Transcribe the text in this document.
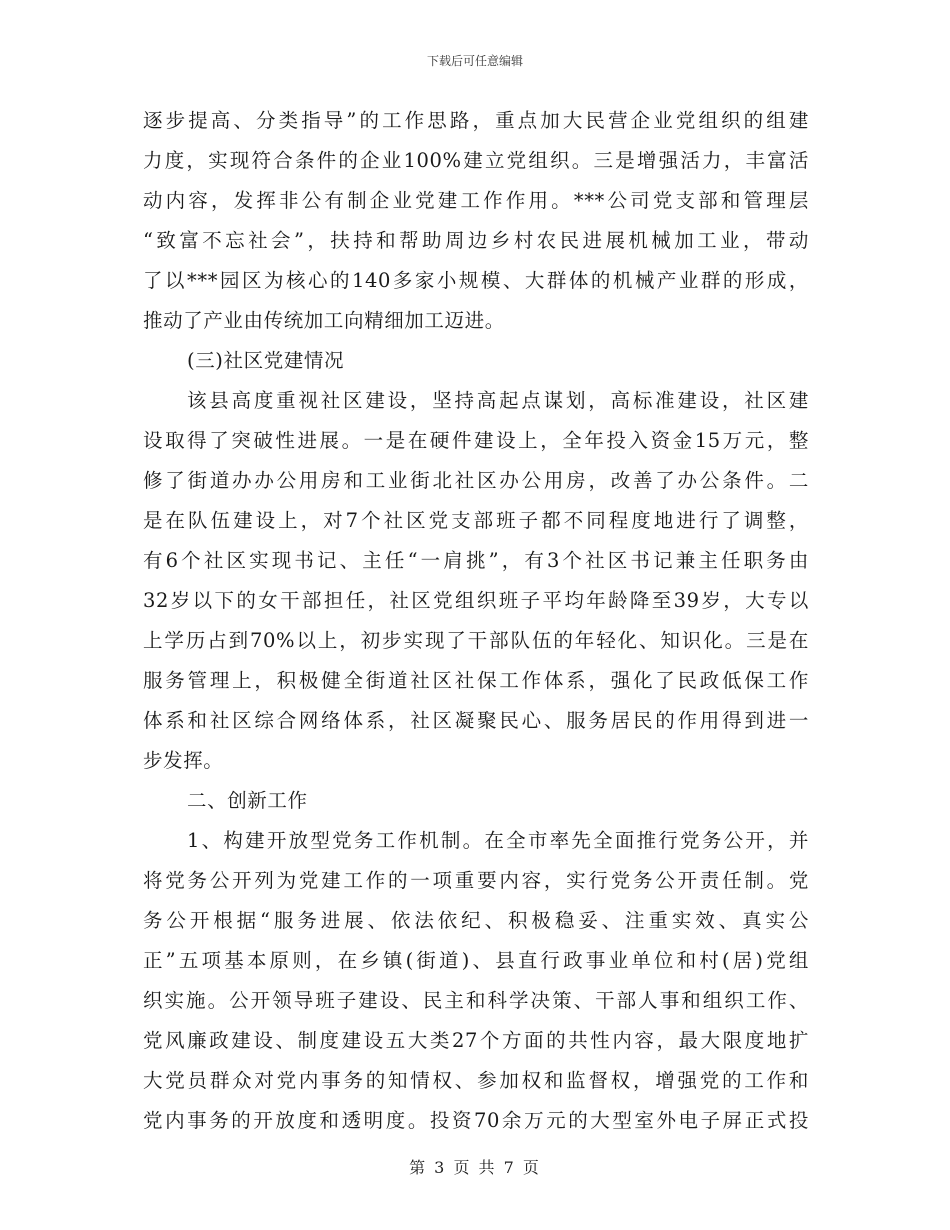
下载后可任意编辑
逐步提高、分类指导”的工作思路，重点加大民营企业党组织的组建
力度，实现符合条件的企业100%建立党组织。三是增强活力，丰富活
动内容，发挥非公有制企业党建工作作用。***公司党支部和管理层
“致富不忘社会”，扶持和帮助周边乡村农民进展机械加工业，带动
了以***园区为核心的140多家小规模、大群体的机械产业群的形成，
推动了产业由传统加工向精细加工迈进。
(三)社区党建情况
该县高度重视社区建设，坚持高起点谋划，高标准建设，社区建
设取得了突破性进展。一是在硬件建设上，全年投入资金15万元，整
修了街道办办公用房和工业街北社区办公用房，改善了办公条件。二
是在队伍建设上，对7个社区党支部班子都不同程度地进行了调整，
有6个社区实现书记、主任“一肩挑”，有3个社区书记兼主任职务由
32岁以下的女干部担任，社区党组织班子平均年龄降至39岁，大专以
上学历占到70%以上，初步实现了干部队伍的年轻化、知识化。三是在
服务管理上，积极健全街道社区社保工作体系，强化了民政低保工作
体系和社区综合网络体系，社区凝聚民心、服务居民的作用得到进一
步发挥。
二、创新工作
1、构建开放型党务工作机制。在全市率先全面推行党务公开，并
将党务公开列为党建工作的一项重要内容，实行党务公开责任制。党
务公开根据“服务进展、依法依纪、积极稳妥、注重实效、真实公
正”五项基本原则，在乡镇(街道)、县直行政事业单位和村(居)党组
织实施。公开领导班子建设、民主和科学决策、干部人事和组织工作、
党风廉政建设、制度建设五大类27个方面的共性内容，最大限度地扩
大党员群众对党内事务的知情权、参加权和监督权，增强党的工作和
党内事务的开放度和透明度。投资70余万元的大型室外电子屏正式投
第 3 页 共 7 页
